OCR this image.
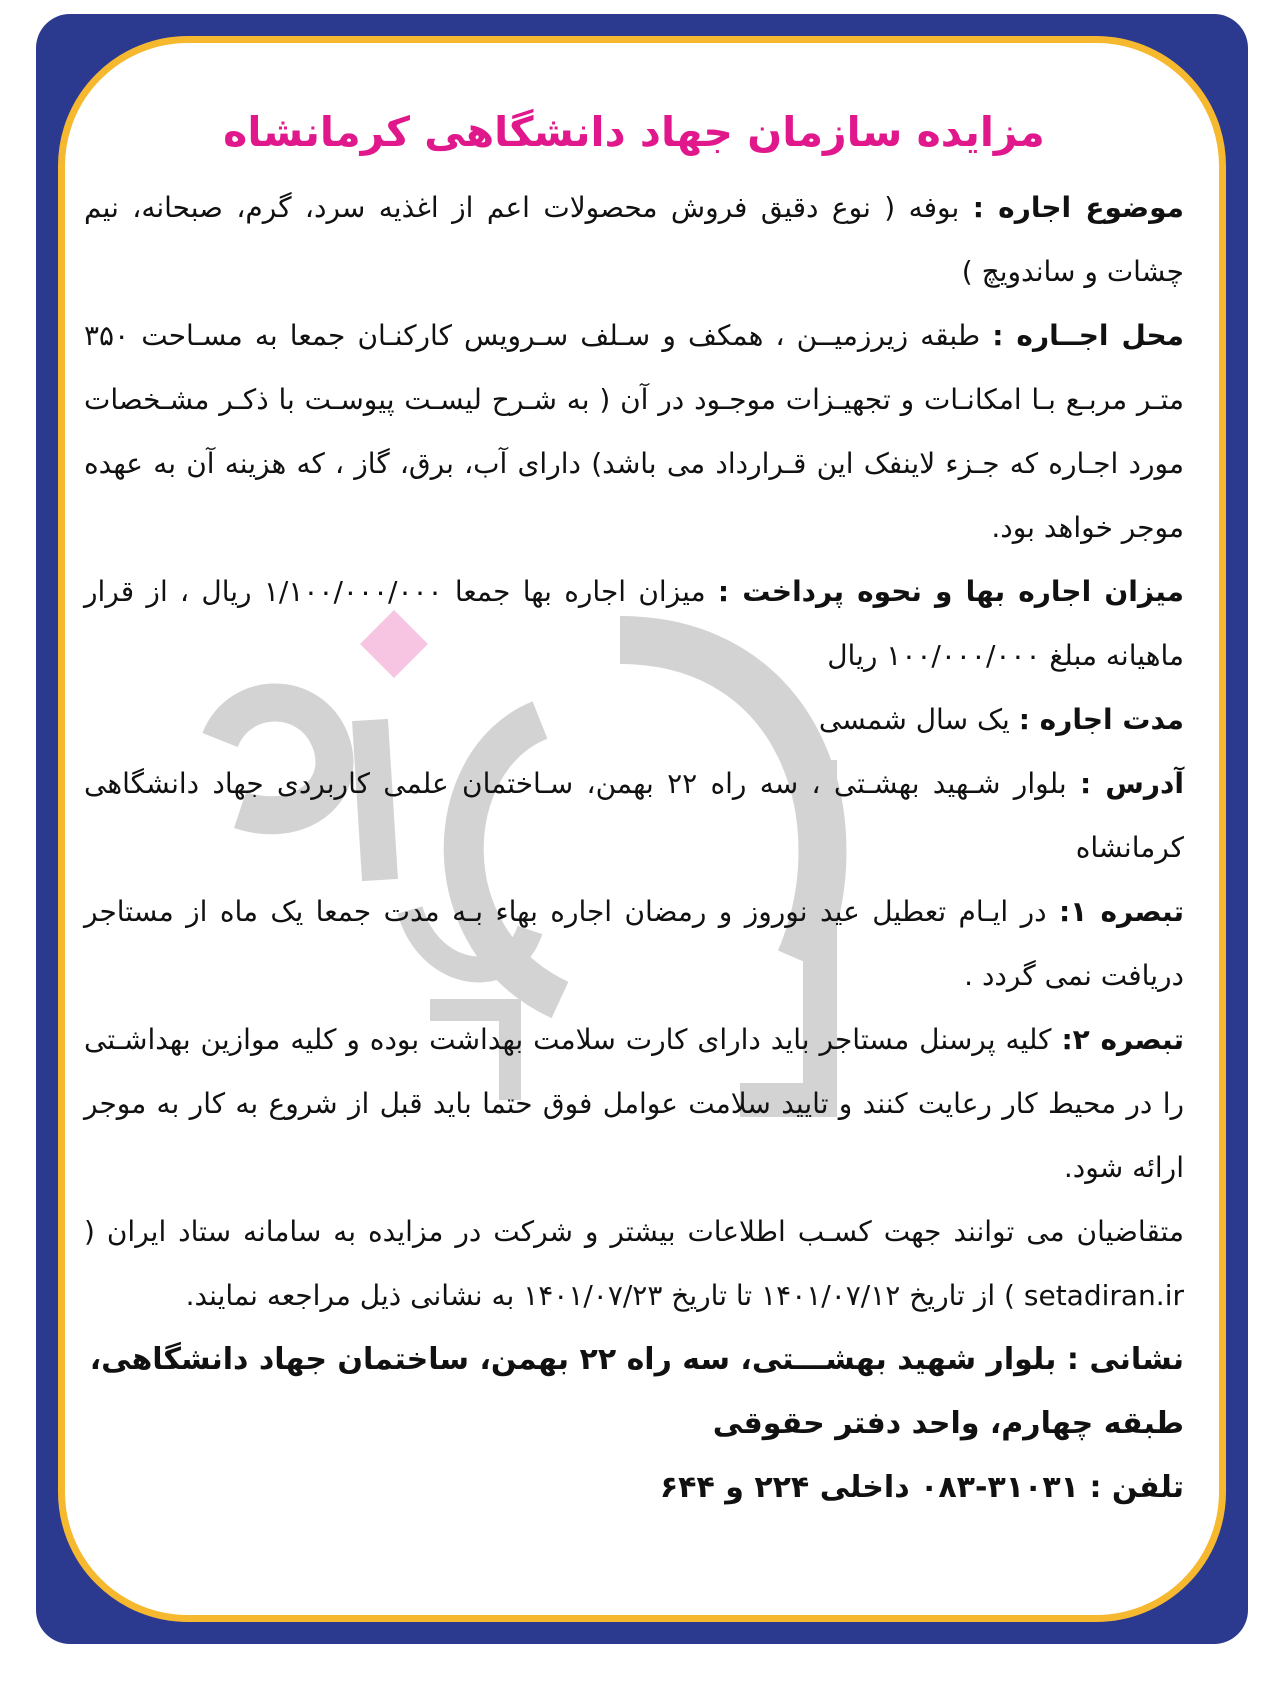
مزایده سازمان جهاد دانشگاهی کرمانشاه

موضوع اجاره : بوفه ( نوع دقیق فروش محصولات اعم از اغذیه سرد، گرم، صبحانه، نیم چشات و ساندویچ )

محل اجــاره : طبقه زیرزمیــن ، همکف و سـلف سـرویس کارکنـان جمعا به مسـاحت ۳۵۰ متـر مربـع بـا امکانـات و تجهیـزات موجـود در آن ( به شـرح لیسـت پیوسـت با ذکـر مشـخصات مورد اجـاره که جـزء لاینفک این قـرارداد می باشد) دارای آب، برق، گاز ، که هزینه آن به عهده موجر خواهد بود.

میزان اجاره بها و نحوه پرداخت : میزان اجاره بها جمعا ۱/۱۰۰/۰۰۰/۰۰۰ ریال ، از قرار ماهیانه مبلغ ۱۰۰/۰۰۰/۰۰۰ ریال

مدت اجاره : یک سال شمسی

آدرس : بلوار شـهید بهشـتی ، سه راه ۲۲ بهمن، سـاختمان علمی کاربردی جهاد دانشگاهی کرمانشاه

تبصره ۱: در ایـام تعطیل عید نوروز و رمضان اجاره بهاء بـه مدت جمعا یک ماه از مستاجر دریافت نمی گردد .

تبصره ۲: کلیه پرسنل مستاجر باید دارای کارت سلامت بهداشت بوده و کلیه موازین بهداشـتی را در محیط کار رعایت کنند و تایید سلامت عوامل فوق حتما باید قبل از شروع به کار به موجر ارائه شود.

متقاضیان می توانند جهت کسـب اطلاعات بیشتر و شرکت در مزایده به سامانه ستاد ایران ( setadiran.ir ) از تاریخ ۱۴۰۱/۰۷/۱۲ تا تاریخ ۱۴۰۱/۰۷/۲۳ به نشانی ذیل مراجعه نمایند.

نشانی : بلوار شهید بهشـــتی، سه راه ۲۲ بهمن، ساختمان جهاد دانشگاهی، طبقه چهارم، واحد دفتر حقوقی

تلفن : ۳۱۰۳۱-۰۸۳ داخلی ۲۲۴ و ۶۴۴
